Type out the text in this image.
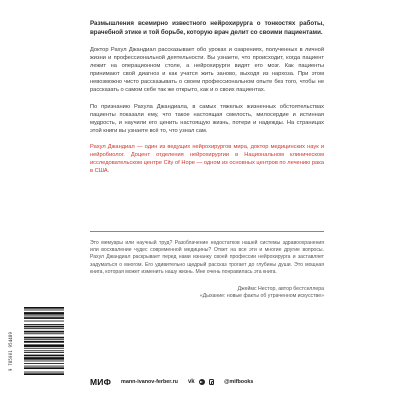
Размышления всемирно известного нейрохирурга о тонкостях работы, врачебной этике и той борьбе, которую врач делит со своими пациентами.

Доктор Рахул Джандиал рассказывает обо уроках и озарениях, полученных в личной жизни и профессиональной деятельности. Вы узнаете, что происходит, когда пациент лежит на операционном столе, а нейрохирурги видят его мозг. Как пациенты принимают свой диагноз и как учатся жить заново, выходя из нархоза. При этом невозможно чисто рассказывать о своем профессиональном опыте без того, чтобы не рассказать о самом себе так же открыто, как и о своих пациентах.

По признанию Рахула Джандиала, в самых тяжелых жизненных обстоятельствах пациенты показали ему, что такое настоящая смелость, милосердие и истинная мудрость, и научили его ценить настоящую жизнь, потери и надежды. На страницах этой книги вы узнаете всё то, что узнал сам.

Рахул Джандиал — один из ведущих нейрохирургов мира, доктор медицинских наук и нейробиолог. Доцент отделения нейрохирургии в Национальном клиническом исследовательском центре City of Hope — одном из основных центров по лечению рака в США.

Это мемуары или научный труд? Разоблачение недостатков нашей системы здравоохранения или восхваление чудес современной медицины? Ответ на все эти и многие другие вопросы. Рахул Джандиал раскрывает перед нами изнанку своей профессии нейрохирурга и заставляет задуматься о многом. Его удивительно щедрый рассказ трогает до глубины души. Это мощная книга, которая может изменить нашу жизнь. Мне очень понравилась эта книга.

Джеймс Нестор, автор бестселлера
«Дыхание: новые факты об утраченном искусстве»
9 785001 954489
МИФ mann-ivanov-ferber.ru vk	@mifbooks
